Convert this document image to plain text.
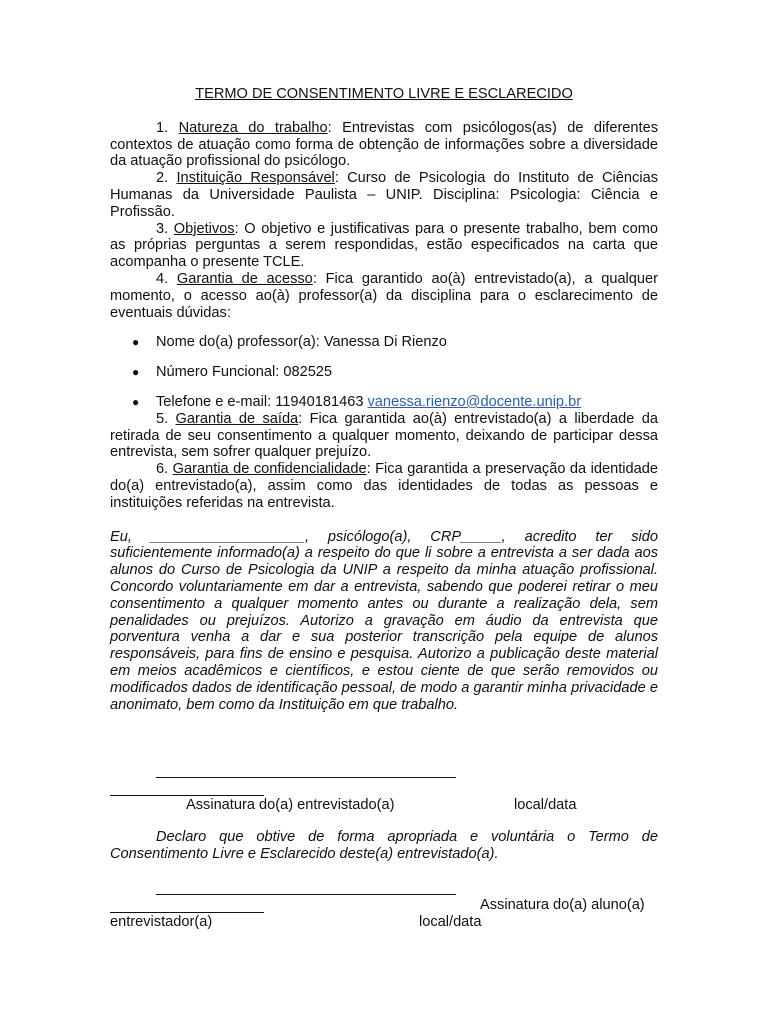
TERMO DE CONSENTIMENTO LIVRE E ESCLARECIDO

1. Natureza do trabalho: Entrevistas com psicólogos(as) de diferentes contextos de atuação como forma de obtenção de informações sobre a diversidade da atuação profissional do psicólogo.

2. Instituição Responsável: Curso de Psicologia do Instituto de Ciências Humanas da Universidade Paulista – UNIP. Disciplina: Psicologia: Ciência e Profissão.

3. Objetivos: O objetivo e justificativas para o presente trabalho, bem como as próprias perguntas a serem respondidas, estão especificados na carta que acompanha o presente TCLE.

4. Garantia de acesso: Fica garantido ao(à) entrevistado(a), a qualquer momento, o acesso ao(à) professor(a) da disciplina para o esclarecimento de eventuais dúvidas:

● Nome do(a) professor(a): Vanessa Di Rienzo
● Número Funcional: 082525
● Telefone e e-mail: 11940181463 vanessa.rienzo@docente.unip.br

5. Garantia de saída: Fica garantida ao(à) entrevistado(a) a liberdade da retirada de seu consentimento a qualquer momento, deixando de participar dessa entrevista, sem sofrer qualquer prejuízo.

6. Garantia de confidencialidade: Fica garantida a preservação da identidade do(a) entrevistado(a), assim como das identidades de todas as pessoas e instituições referidas na entrevista.

Eu, ___________________, psicólogo(a), CRP_____, acredito ter sido suficientemente informado(a) a respeito do que li sobre a entrevista a ser dada aos alunos do Curso de Psicologia da UNIP a respeito da minha atuação profissional. Concordo voluntariamente em dar a entrevista, sabendo que poderei retirar o meu consentimento a qualquer momento antes ou durante a realização dela, sem penalidades ou prejuízos. Autorizo a gravação em áudio da entrevista que porventura venha a dar e sua posterior transcrição pela equipe de alunos responsáveis, para fins de ensino e pesquisa. Autorizo a publicação deste material em meios acadêmicos e científicos, e estou ciente de que serão removidos ou modificados dados de identificação pessoal, de modo a garantir minha privacidade e anonimato, bem como da Instituição em que trabalho.

Assinatura do(a) entrevistado(a)	local/data

Declaro que obtive de forma apropriada e voluntária o Termo de Consentimento Livre e Esclarecido deste(a) entrevistado(a).

Assinatura do(a) aluno(a)
entrevistador(a)	local/data
